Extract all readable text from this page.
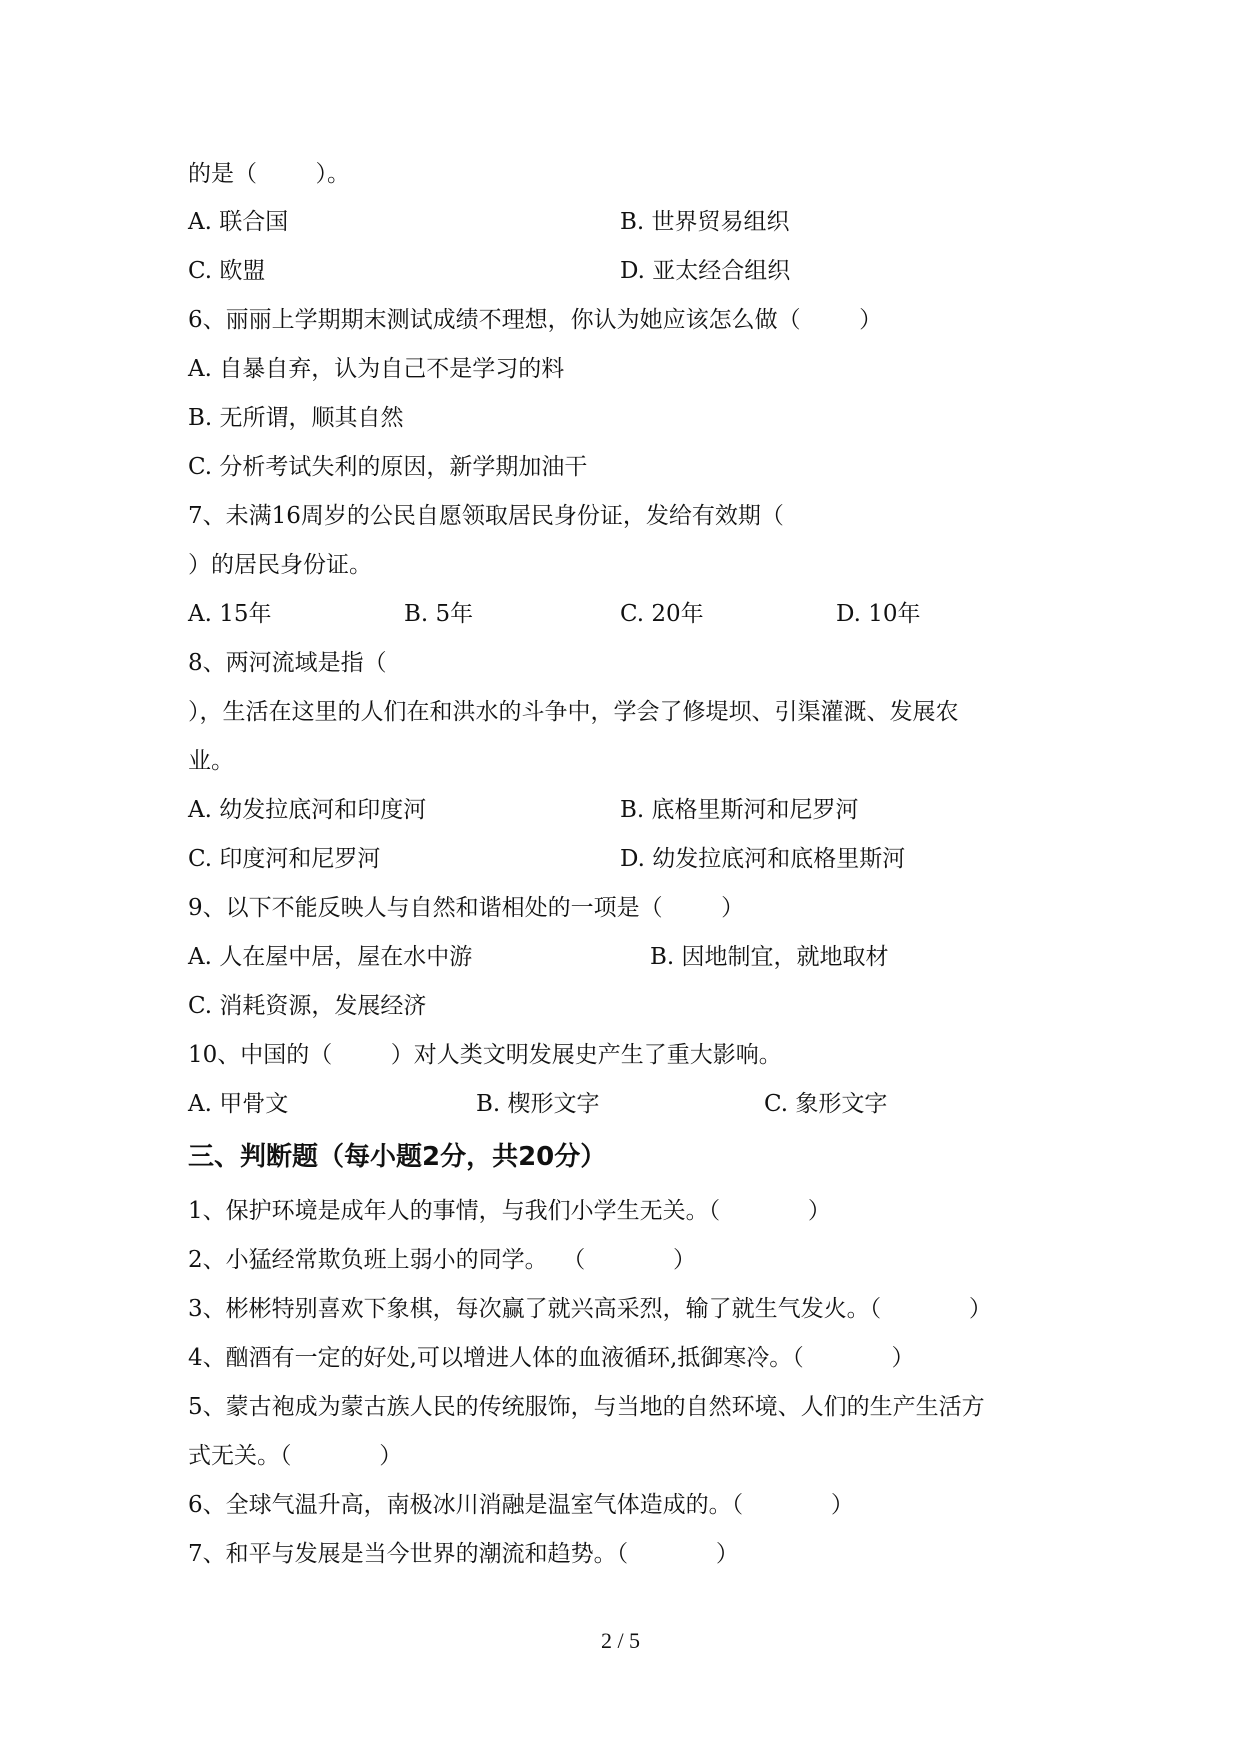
的是（        ）。
A. 联合国	B. 世界贸易组织
C. 欧盟	D. 亚太经合组织
6、丽丽上学期期末测试成绩不理想，你认为她应该怎么做（        ）
A. 自暴自弃，认为自己不是学习的料
B. 无所谓，顺其自然
C. 分析考试失利的原因，新学期加油干
7、未满16周岁的公民自愿领取居民身份证，发给有效期（
）的居民身份证。
A. 15年	B. 5年	C. 20年	D. 10年
8、两河流域是指（
），生活在这里的人们在和洪水的斗争中，学会了修堤坝、引渠灌溉、发展农
业。
A. 幼发拉底河和印度河	B. 底格里斯河和尼罗河
C. 印度河和尼罗河	D. 幼发拉底河和底格里斯河
9、以下不能反映人与自然和谐相处的一项是（        ）
A. 人在屋中居，屋在水中游	B. 因地制宜，就地取材
C. 消耗资源，发展经济
10、中国的（        ）对人类文明发展史产生了重大影响。
A. 甲骨文	B. 楔形文字	C. 象形文字
三、判断题（每小题2分，共20分）
1、保护环境是成年人的事情，与我们小学生无关。（            ）
2、小猛经常欺负班上弱小的同学。  （            ）
3、彬彬特别喜欢下象棋，每次赢了就兴高采烈，输了就生气发火。（            ）
4、酗酒有一定的好处,可以增进人体的血液循环,抵御寒冷。（            ）
5、蒙古袍成为蒙古族人民的传统服饰，与当地的自然环境、人们的生产生活方
式无关。（            ）
6、全球气温升高，南极冰川消融是温室气体造成的。（            ）
7、和平与发展是当今世界的潮流和趋势。（            ）
2 / 5
